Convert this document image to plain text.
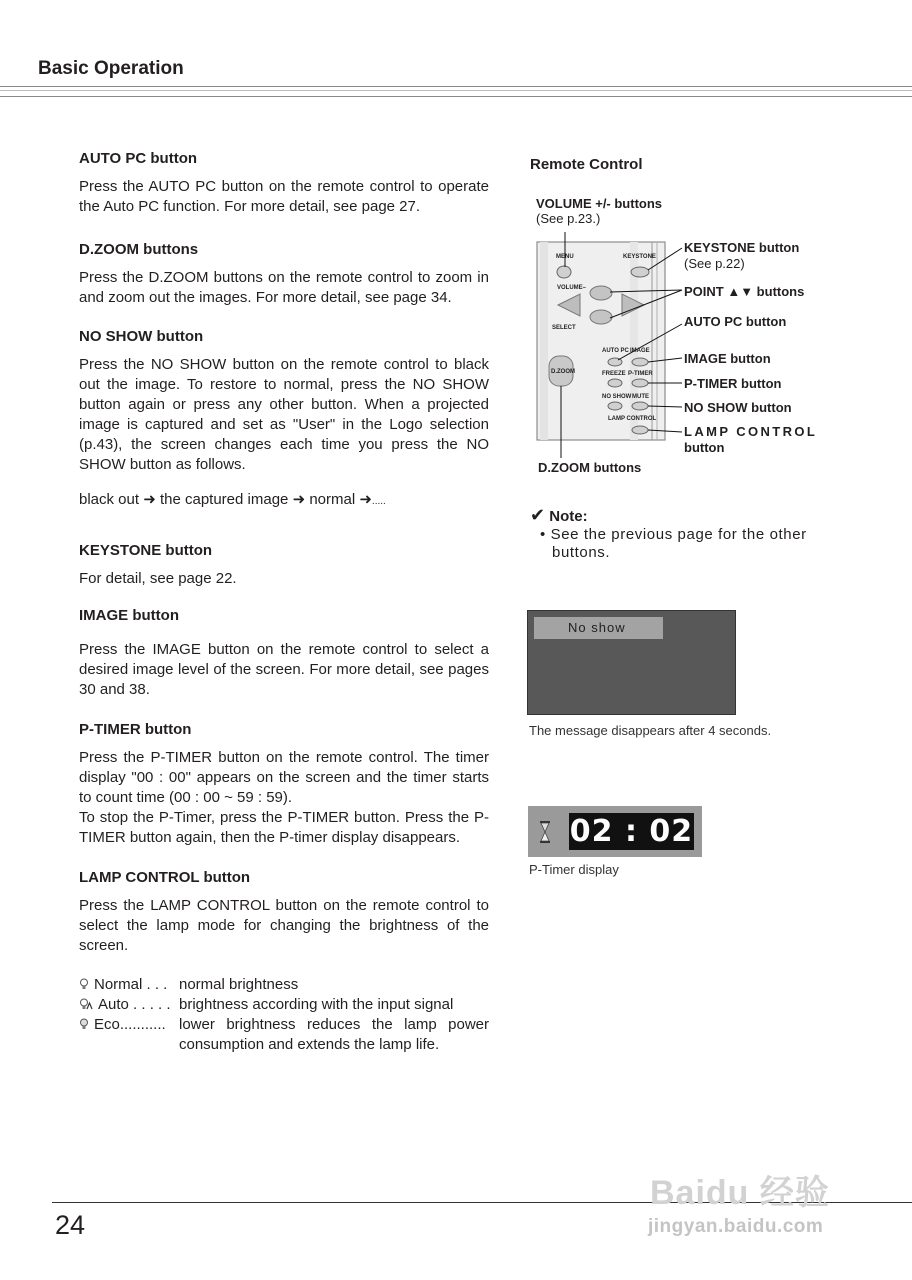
Basic Operation
AUTO PC button

Press the AUTO PC button on the remote control to operate the Auto PC function. For more detail, see page 27.

D.ZOOM buttons

Press the D.ZOOM buttons on the remote control to zoom in and zoom out the images. For more detail, see page 34.

NO SHOW button

Press the NO SHOW button on the remote control to black out the image. To restore to normal, press the NO SHOW button again or press any other button. When a projected image is captured and set as "User" in the Logo selection (p.43), the screen changes each time you press the NO SHOW button as follows.

black out ➜ the captured image ➜ normal ➜.....
KEYSTONE button

For detail, see page 22.

IMAGE button

Press the IMAGE button on the remote control to select a desired image level of the screen. For more detail, see pages 30 and 38.

P-TIMER button

Press the P-TIMER button on the remote control. The timer display "00 : 00" appears on the screen and the timer starts to count time (00 : 00 ~ 59 : 59).

To stop the P-Timer, press the P-TIMER button. Press the P-TIMER button again, then the P-timer display disappears.

LAMP CONTROL button

Press the LAMP CONTROL button on the remote control to select the lamp mode for changing the brightness of the screen.

Normal . . . normal brightness
Auto . . . . . brightness according with the input signal
Eco........... lower brightness reduces the lamp power consumption and extends the lamp life.
Remote Control
MENU	KEYSTONE
VOLUME–
SELECT
AUTO PC IMAGE
D.ZOOM	FREEZE P-TIMER
NO SHOW MUTE
LAMP CONTROL
VOLUME +/- buttons
(See p.23.)
KEYSTONE button
(See p.22)
POINT ▲▼ buttons
AUTO PC button
IMAGE button
P-TIMER button
NO SHOW button
LAMP CONTROL
button
D.ZOOM buttons
✔ Note:
• See the previous page for the other buttons.
No show
The message disappears after 4 seconds.
02 : 02
P-Timer display
24
Baidu 经验
jingyan.baidu.com
